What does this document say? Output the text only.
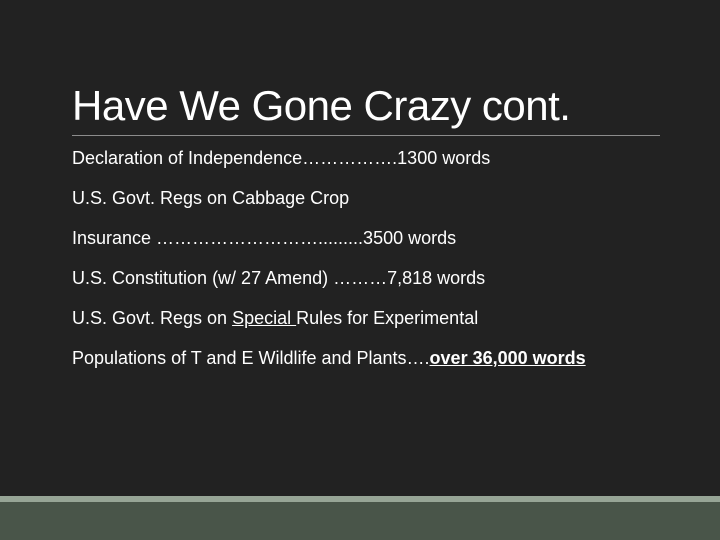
Have We Gone Crazy cont.

Declaration of Independence…………….1300 words

U.S. Govt. Regs on Cabbage Crop

Insurance ……………………….........3500 words

U.S. Constitution (w/ 27 Amend) ………7,818 words

U.S. Govt. Regs on Special Rules for Experimental

Populations of T and E Wildlife and Plants….over 36,000 words
